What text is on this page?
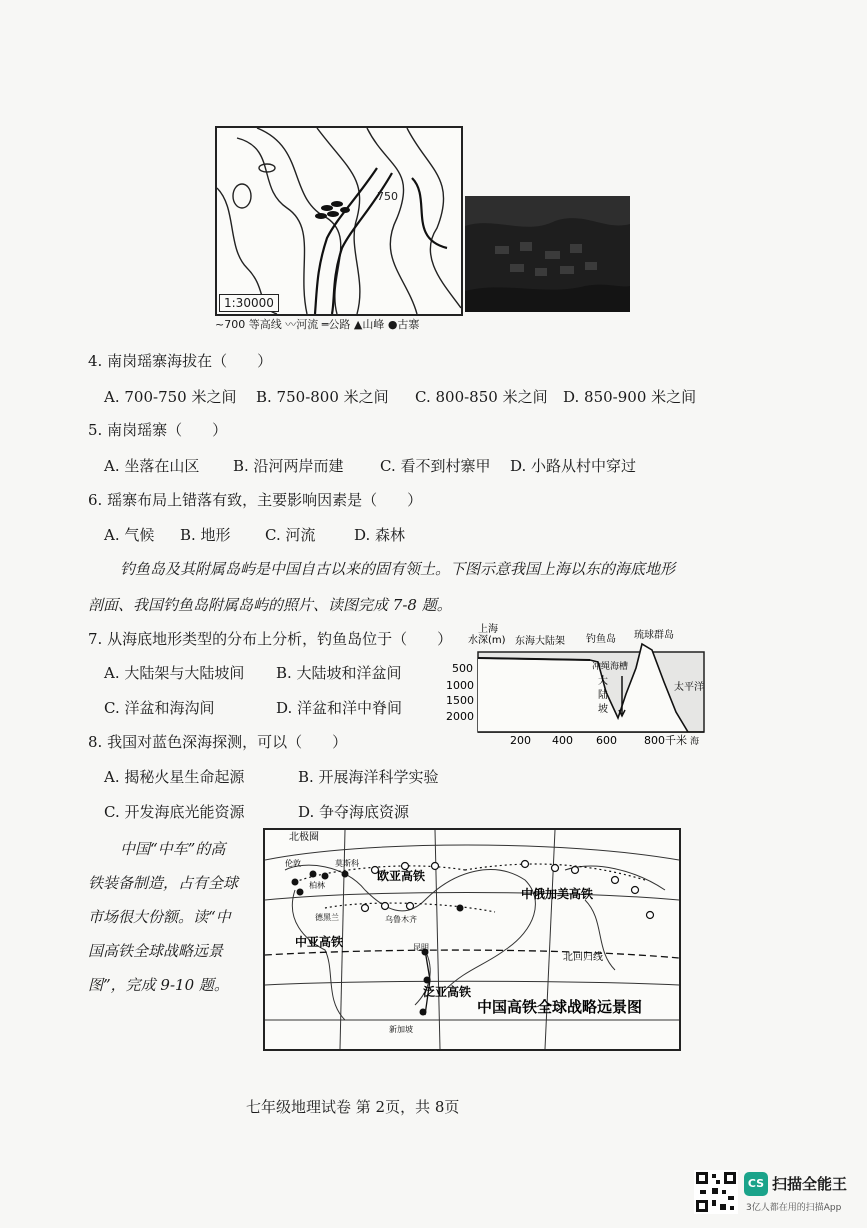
750
1:30000
~700 等高线 〰河流 ═公路 ▲山峰 ●古寨
4. 南岗瑶寨海拔在（　　）
A. 700-750 米之间 B. 750-800 米之间 C. 800-850 米之间 D. 850-900 米之间
5. 南岗瑶寨（　　）
A. 坐落在山区 B. 沿河两岸而建 C. 看不到村寨甲 D. 小路从村中穿过
6. 瑶寨布局上错落有致，主要影响因素是（　　）
A. 气候 B. 地形 C. 河流	D. 森林
钓鱼岛及其附属岛屿是中国自古以来的固有领土。下图示意我国上海以东的海底地形
剖面、我国钓鱼岛附属岛屿的照片、读图完成 7-8 题。
7. 从海底地形类型的分布上分析，钓鱼岛位于（　　）
A. 大陆架与大陆坡间 B. 大陆坡和洋盆间
C. 洋盆和海沟间	D. 洋盆和洋中脊间
8. 我国对蓝色深海探测，可以（　　）
A. 揭秘火星生命起源	B. 开展海洋科学实验
C. 开发海底光能资源	D. 争夺海底资源
上海
水深(m) 东海大陆架 钓鱼岛 琉球群岛
500
1000
1500
2000
200 400 600 800千米
冲绳海槽
大
陆
坡
太平洋
海
中国“中车”的高
铁装备制造，占有全球
市场很大份额。读“中
国高铁全球战略远景
图”，完成 9-10 题。
北极圈
欧亚高铁
中俄加美高铁
中亚高铁
泛亚高铁
北回归线
伦敦	莫斯科
柏林
德黑兰	乌鲁木齐
昆明
新加坡
中国高铁全球战略远景图
七年级地理试卷 第 2页，共 8页
CS 扫描全能王
3亿人都在用的扫描App
